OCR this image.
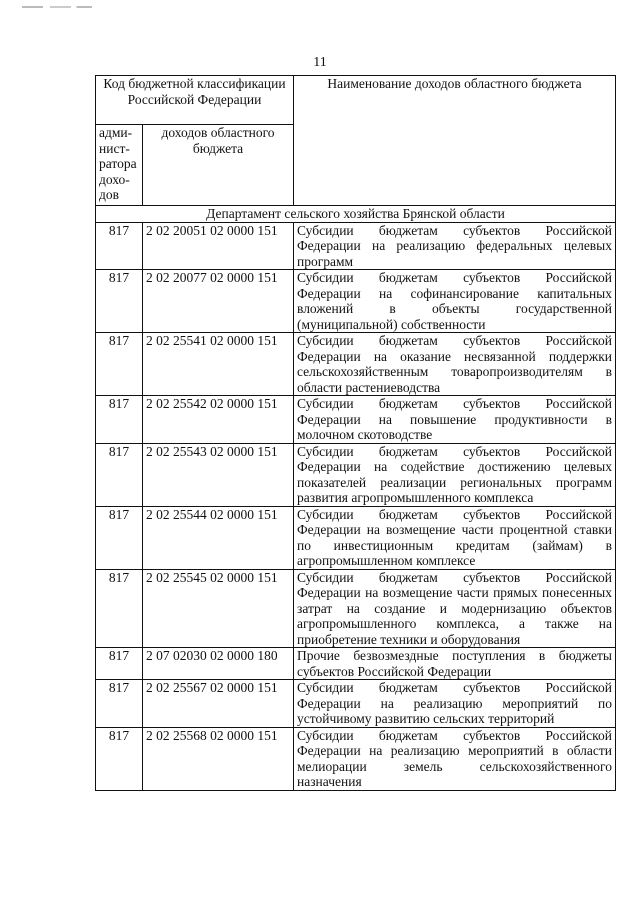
11
Код бюджетной классификации Российской Федерации		Наименование доходов областного бюджета
адми-нист-ратора дохо-дов	доходов областного бюджета	
Департамент сельского хозяйства Брянской области		
817	2 02 20051 02 0000 151	Субсидии бюджетам субъектов Российской Федерации на реализацию федеральных целевых программ
817	2 02 20077 02 0000 151	Субсидии бюджетам субъектов Российской Федерации на софинансирование капитальных вложений в объекты государственной (муниципальной) собственности
817	2 02 25541 02 0000 151	Субсидии бюджетам субъектов Российской Федерации на оказание несвязанной поддержки сельскохозяйственным товаропроизводителям в области растениеводства
817	2 02 25542 02 0000 151	Субсидии бюджетам субъектов Российской Федерации на повышение продуктивности в молочном скотоводстве
817	2 02 25543 02 0000 151	Субсидии бюджетам субъектов Российской Федерации на содействие достижению целевых показателей реализации региональных программ развития агропромышленного комплекса
817	2 02 25544 02 0000 151	Субсидии бюджетам субъектов Российской Федерации на возмещение части процентной ставки по инвестиционным кредитам (займам) в агропромышленном комплексе
817	2 02 25545 02 0000 151	Субсидии бюджетам субъектов Российской Федерации на возмещение части прямых понесенных затрат на создание и модернизацию объектов агропромышленного комплекса, а также на приобретение техники и оборудования
817	2 07 02030 02 0000 180	Прочие безвозмездные поступления в бюджеты субъектов Российской Федерации
817	2 02 25567 02 0000 151	Субсидии бюджетам субъектов Российской Федерации на реализацию мероприятий по устойчивому развитию сельских территорий
817	2 02 25568 02 0000 151	Субсидии бюджетам субъектов Российской Федерации на реализацию мероприятий в области мелиорации земель сельскохозяйственного назначения
